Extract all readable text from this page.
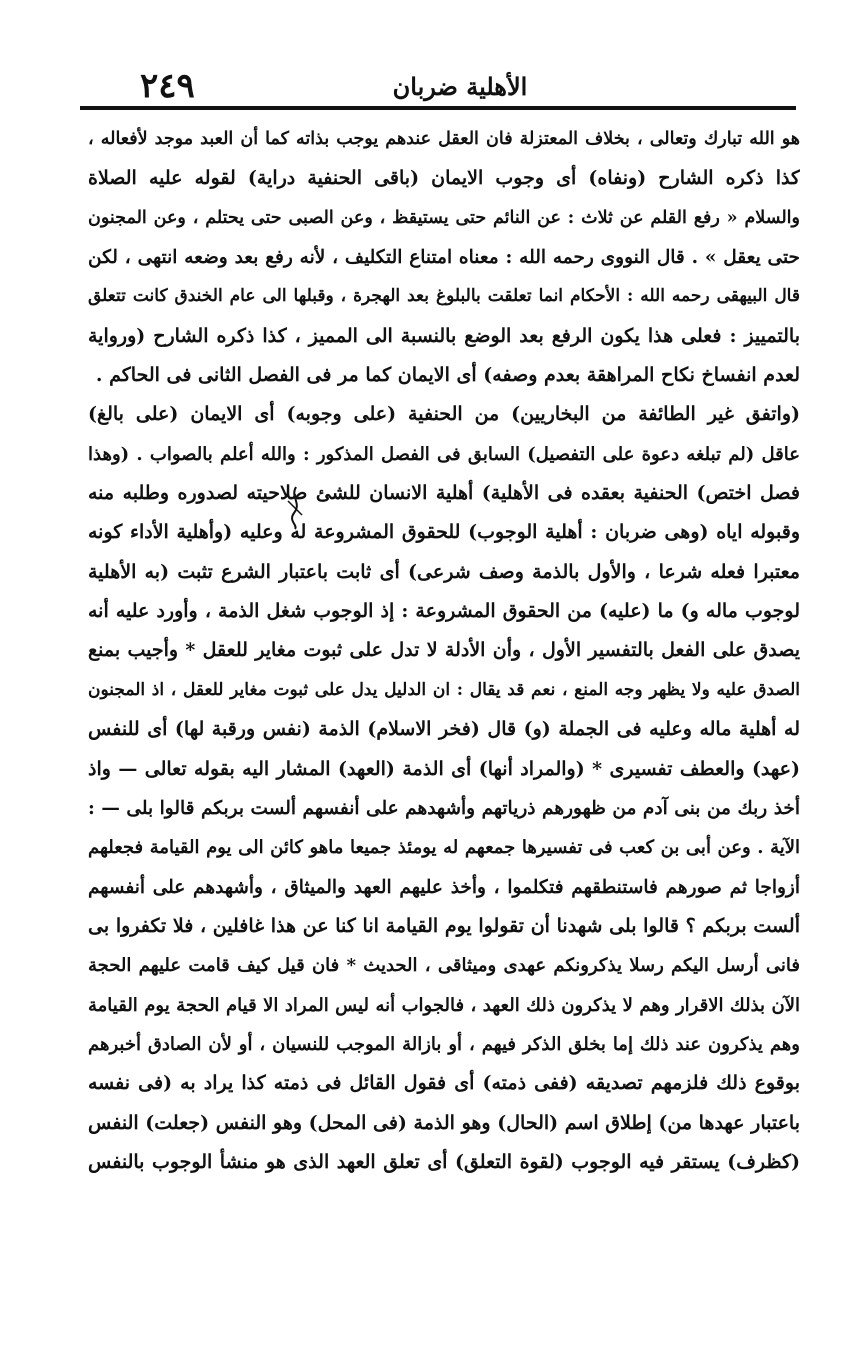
٢٤٩	الأهلية ضربان
هو الله تبارك وتعالى ، بخلاف المعتزلة فان العقل عندهم يوجب بذاته كما أن العبد موجد لأفعاله ،
كذا ذكره الشارح (ونفاه) أى وجوب الايمان (باقى الحنفية دراية) لقوله عليه الصلاة
والسلام « رفع القلم عن ثلاث : عن النائم حتى يستيقظ ، وعن الصبى حتى يحتلم ، وعن المجنون
حتى يعقل » . قال النووى رحمه الله : معناه امتناع التكليف ، لأنه رفع بعد وضعه انتهى ، لكن
قال البيهقى رحمه الله : الأحكام انما تعلقت بالبلوغ بعد الهجرة ، وقبلها الى عام الخندق كانت تتعلق
بالتمييز : فعلى هذا يكون الرفع بعد الوضع بالنسبة الى المميز ، كذا ذكره الشارح (ورواية
لعدم انفساخ نكاح المراهقة بعدم وصفه) أى الايمان كما مر فى الفصل الثانى فى الحاكم .
(واتفق غير الطائفة من البخاريين) من الحنفية (على وجوبه) أى الايمان (على بالغ)
عاقل (لم تبلغه دعوة على التفصيل) السابق فى الفصل المذكور : والله أعلم بالصواب . (وهذا
فصل اختص) الحنفية بعقده فى الأهلية) أهلية الانسان للشئ صلاحيته لصدوره وطلبه منه
وقبوله اياه (وهى ضربان : أهلية الوجوب) للحقوق المشروعة له وعليه (وأهلية الأداء كونه
معتبرا فعله شرعا ، والأول بالذمة وصف شرعى) أى ثابت باعتبار الشرع تثبت (به الأهلية
لوجوب ماله و) ما (عليه) من الحقوق المشروعة : إذ الوجوب شغل الذمة ، وأورد عليه أنه
يصدق على الفعل بالتفسير الأول ، وأن الأدلة لا تدل على ثبوت مغاير للعقل * وأجيب بمنع
الصدق عليه ولا يظهر وجه المنع ، نعم قد يقال : ان الدليل يدل على ثبوت مغاير للعقل ، اذ المجنون
له أهلية ماله وعليه فى الجملة (و) قال (فخر الاسلام) الذمة (نفس ورقبة لها) أى للنفس
(عهد) والعطف تفسيرى * (والمراد أنها) أى الذمة (العهد) المشار اليه بقوله تعالى — واذ
أخذ ربك من بنى آدم من ظهورهم ذرياتهم وأشهدهم على أنفسهم ألست بربكم قالوا بلى — :
الآية . وعن أبى بن كعب فى تفسيرها جمعهم له يومئذ جميعا ماهو كائن الى يوم القيامة فجعلهم
أزواجا ثم صورهم فاستنطقهم فتكلموا ، وأخذ عليهم العهد والميثاق ، وأشهدهم على أنفسهم
ألست بربكم ؟ قالوا بلى شهدنا أن تقولوا يوم القيامة انا كنا عن هذا غافلين ، فلا تكفروا بى
فانى أرسل اليكم رسلا يذكرونكم عهدى وميثاقى ، الحديث * فان قيل كيف قامت عليهم الحجة
الآن بذلك الاقرار وهم لا يذكرون ذلك العهد ، فالجواب أنه ليس المراد الا قيام الحجة يوم القيامة
وهم يذكرون عند ذلك إما بخلق الذكر فيهم ، أو بازالة الموجب للنسيان ، أو لأن الصادق أخبرهم
بوقوع ذلك فلزمهم تصديقه (ففى ذمته) أى فقول القائل فى ذمته كذا يراد به (فى نفسه
باعتبار عهدها من) إطلاق اسم (الحال) وهو الذمة (فى المحل) وهو النفس (جعلت) النفس
(كظرف) يستقر فيه الوجوب (لقوة التعلق) أى تعلق العهد الذى هو منشأ الوجوب بالنفس
